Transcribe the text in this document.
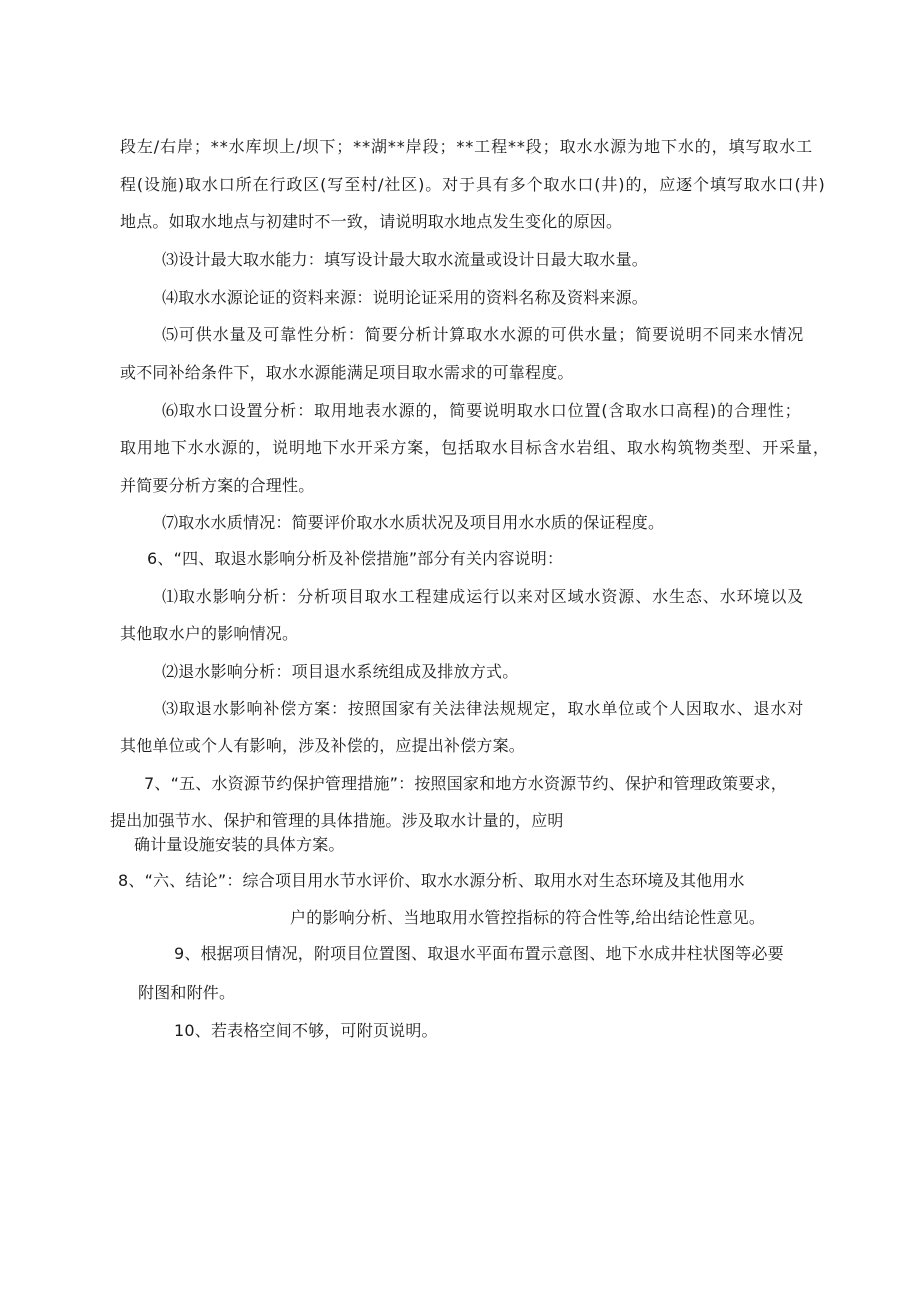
段左/右岸；**水库坝上/坝下；**湖**岸段；**工程**段；取水水源为地下水的，填写取水工
程(设施)取水口所在行政区(写至村/社区)。对于具有多个取水口(井)的，应逐个填写取水口(井)
地点。如取水地点与初建时不一致，请说明取水地点发生变化的原因。
⑶设计最大取水能力：填写设计最大取水流量或设计日最大取水量。
⑷取水水源论证的资料来源：说明论证采用的资料名称及资料来源。
⑸可供水量及可靠性分析：简要分析计算取水水源的可供水量；简要说明不同来水情况
或不同补给条件下，取水水源能满足项目取水需求的可靠程度。
⑹取水口设置分析：取用地表水源的，简要说明取水口位置(含取水口高程)的合理性；
取用地下水水源的，说明地下水开采方案，包括取水目标含水岩组、取水构筑物类型、开采量，
并简要分析方案的合理性。
⑺取水水质情况：简要评价取水水质状况及项目用水水质的保证程度。
6、“四、取退水影响分析及补偿措施”部分有关内容说明：
⑴取水影响分析：分析项目取水工程建成运行以来对区域水资源、水生态、水环境以及
其他取水户的影响情况。
⑵退水影响分析：项目退水系统组成及排放方式。
⑶取退水影响补偿方案：按照国家有关法律法规规定，取水单位或个人因取水、退水对
其他单位或个人有影响，涉及补偿的，应提出补偿方案。
7、“五、水资源节约保护管理措施”：按照国家和地方水资源节约、保护和管理政策要求，
提出加强节水、保护和管理的具体措施。涉及取水计量的，应明
确计量设施安装的具体方案。
8、“六、结论”：综合项目用水节水评价、取水水源分析、取用水对生态环境及其他用水
户的影响分析、当地取用水管控指标的符合性等,给出结论性意见。
9、根据项目情况，附项目位置图、取退水平面布置示意图、地下水成井柱状图等必要
附图和附件。
10、若表格空间不够，可附页说明。
